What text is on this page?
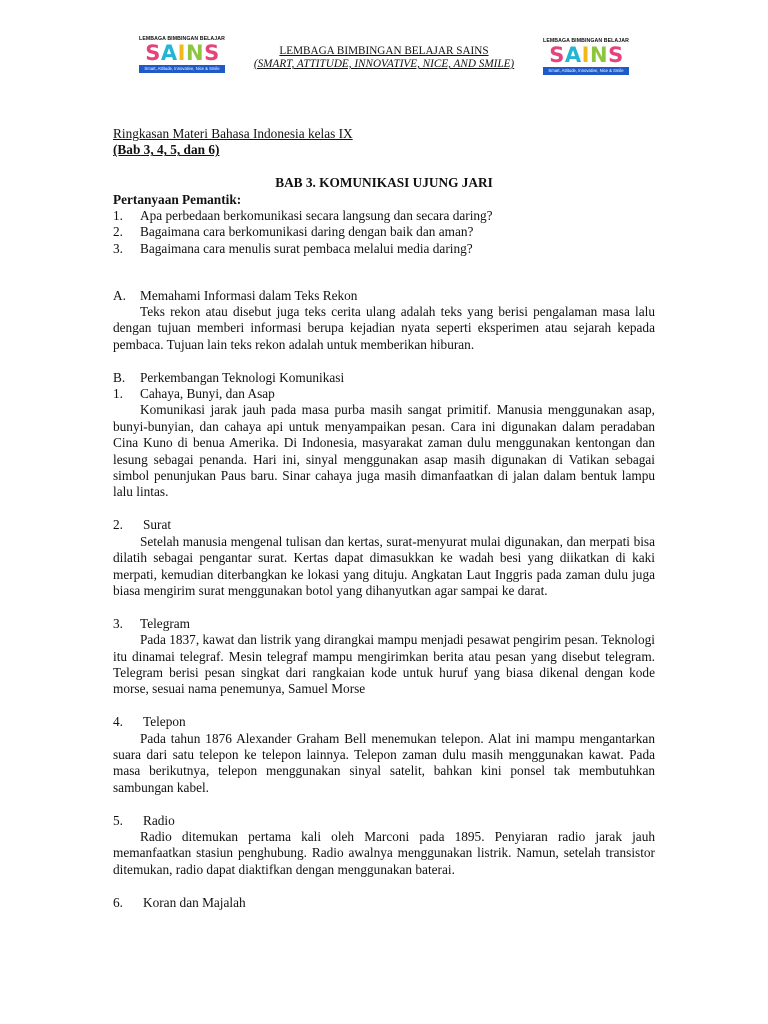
LEMBAGA BIMBINGAN BELAJAR
S A I N S
Smart, Attitude, Innovative, Nice & Smile
LEMBAGA BIMBINGAN BELAJAR
S A I N S
Smart, Attitude, Innovative, Nice & Smile
LEMBAGA BIMBINGAN BELAJAR SAINS
(SMART, ATTITUDE, INNOVATIVE, NICE, AND SMILE)

Ringkasan Materi Bahasa Indonesia kelas IX

(Bab 3, 4, 5, dan 6)

BAB 3. KOMUNIKASI UJUNG JARI

Pertanyaan Pemantik:

1.	Apa perbedaan berkomunikasi secara langsung dan secara daring?
2.	Bagaimana cara berkomunikasi daring dengan baik dan aman?
3.	Bagaimana cara menulis surat pembaca melalui media daring?
A.	Memahami Informasi dalam Teks Rekon

Teks rekon atau disebut juga teks cerita ulang adalah teks yang berisi pengalaman masa lalu dengan tujuan memberi informasi berupa kejadian nyata seperti eksperimen atau sejarah kepada pembaca. Tujuan lain teks rekon adalah untuk memberikan hiburan.

B.	Perkembangan Teknologi Komunikasi
1.	Cahaya, Bunyi, dan Asap

Komunikasi jarak jauh pada masa purba masih sangat primitif. Manusia menggunakan asap, bunyi-bunyian, dan cahaya api untuk menyampaikan pesan. Cara ini digunakan dalam peradaban Cina Kuno di benua Amerika. Di Indonesia, masyarakat zaman dulu menggunakan kentongan dan lesung sebagai penanda. Hari ini, sinyal menggunakan asap masih digunakan di Vatikan sebagai simbol penunjukan Paus baru. Sinar cahaya juga masih dimanfaatkan di jalan dalam bentuk lampu lalu lintas.

2.	Surat

Setelah manusia mengenal tulisan dan kertas, surat-menyurat mulai digunakan, dan merpati bisa dilatih sebagai pengantar surat. Kertas dapat dimasukkan ke wadah besi yang diikatkan di kaki merpati, kemudian diterbangkan ke lokasi yang dituju. Angkatan Laut Inggris pada zaman dulu juga biasa mengirim surat menggunakan botol yang dihanyutkan agar sampai ke darat.

3.	Telegram

Pada 1837, kawat dan listrik yang dirangkai mampu menjadi pesawat pengirim pesan. Teknologi itu dinamai telegraf. Mesin telegraf mampu mengirimkan berita atau pesan yang disebut telegram. Telegram berisi pesan singkat dari rangkaian kode untuk huruf yang biasa dikenal dengan kode morse, sesuai nama penemunya, Samuel Morse

4.	Telepon

Pada tahun 1876 Alexander Graham Bell menemukan telepon. Alat ini mampu mengantarkan suara dari satu telepon ke telepon lainnya. Telepon zaman dulu masih menggunakan kawat. Pada masa berikutnya, telepon menggunakan sinyal satelit, bahkan kini ponsel tak membutuhkan sambungan kabel.

5.	Radio

Radio ditemukan pertama kali oleh Marconi pada 1895. Penyiaran radio jarak jauh memanfaatkan stasiun penghubung. Radio awalnya menggunakan listrik. Namun, setelah transistor ditemukan, radio dapat diaktifkan dengan menggunakan baterai.

6.	Koran dan Majalah
